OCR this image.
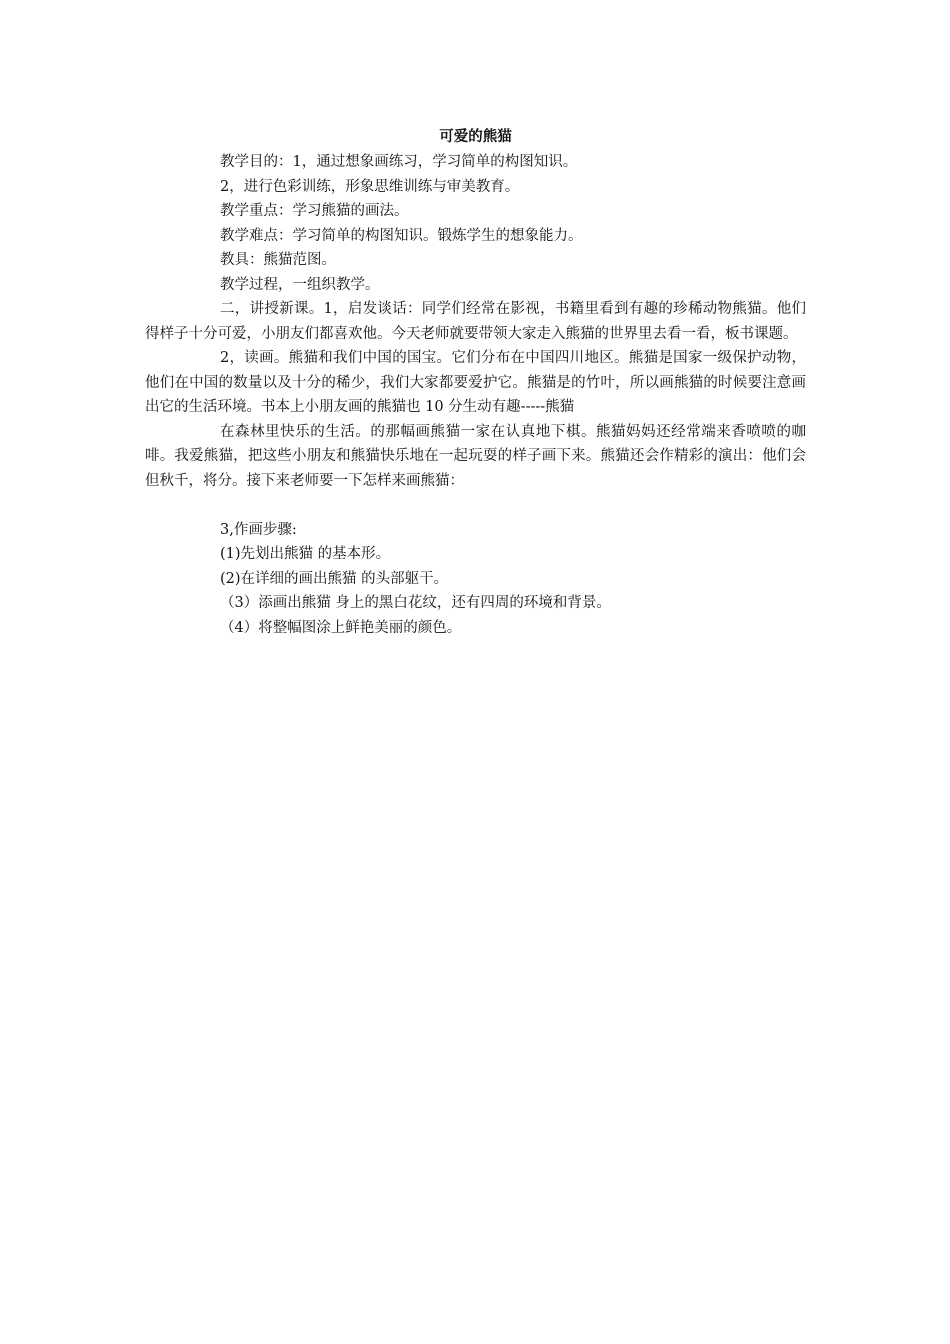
可爱的熊猫

教学目的：1，通过想象画练习，学习简单的构图知识。

2，进行色彩训练，形象思维训练与审美教育。

教学重点：学习熊猫的画法。

教学难点：学习简单的构图知识。锻炼学生的想象能力。

教具：熊猫范图。

教学过程，一组织教学。

二，讲授新课。1，启发谈话：同学们经常在影视，书籍里看到有趣的珍稀动物熊猫。他们得样子十分可爱，小朋友们都喜欢他。今天老师就要带领大家走入熊猫的世界里去看一看，板书课题。

2，读画。熊猫和我们中国的国宝。它们分布在中国四川地区。熊猫是国家一级保护动物，他们在中国的数量以及十分的稀少，我们大家都要爱护它。熊猫是的竹叶，所以画熊猫的时候要注意画出它的生活环境。书本上小朋友画的熊猫也 10 分生动有趣-----熊猫

在森林里快乐的生活。的那幅画熊猫一家在认真地下棋。熊猫妈妈还经常端来香喷喷的咖啡。我爱熊猫，把这些小朋友和熊猫快乐地在一起玩耍的样子画下来。熊猫还会作精彩的演出：他们会但秋千，将分。接下来老师要一下怎样来画熊猫：

3,作画步骤:

(1)先划出熊猫 的基本形。

(2)在详细的画出熊猫 的头部躯干。

（3）添画出熊猫 身上的黑白花纹，还有四周的环境和背景。

（4）将整幅图涂上鲜艳美丽的颜色。
